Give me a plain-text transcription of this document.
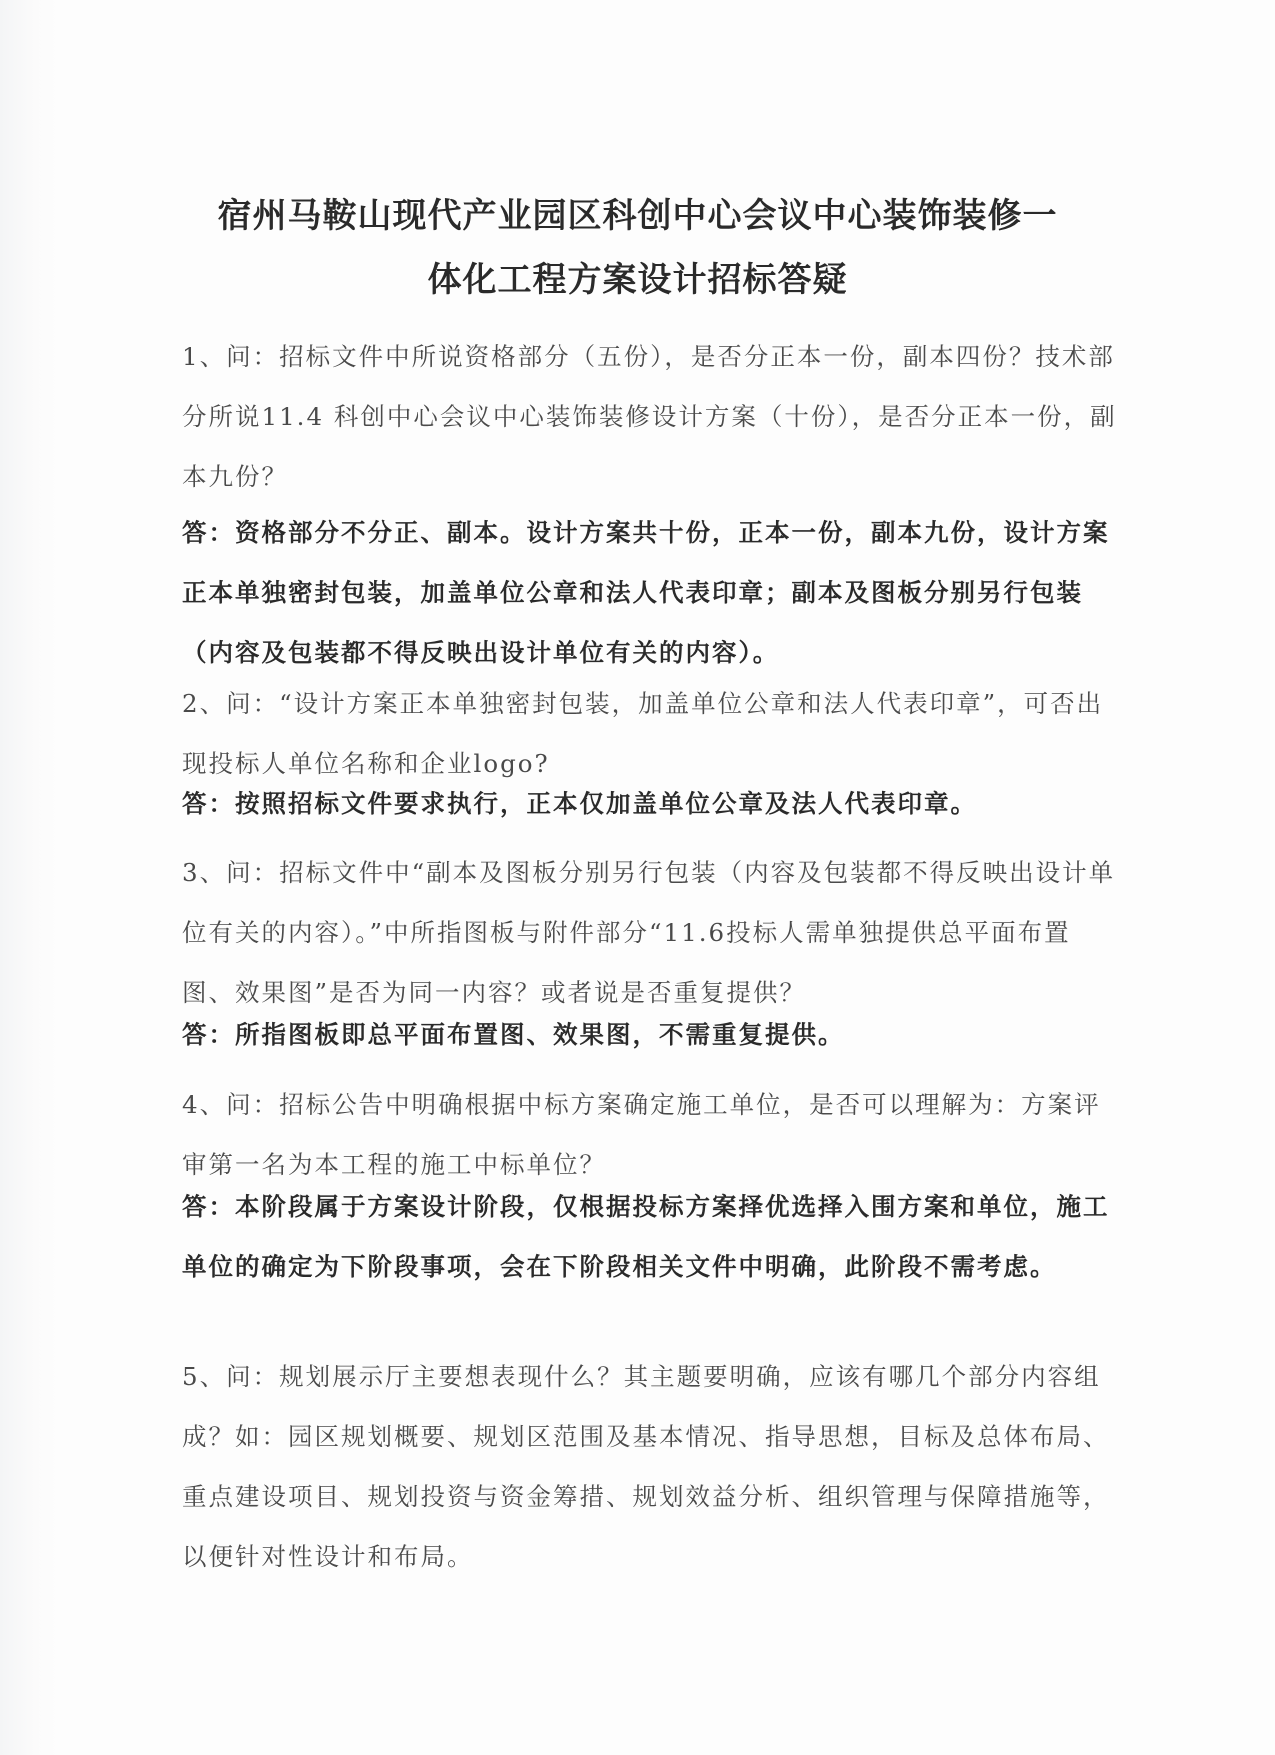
宿州马鞍山现代产业园区科创中心会议中心装饰装修一
体化工程方案设计招标答疑

1、问：招标文件中所说资格部分（五份），是否分正本一份，副本四份？技术部分所说11.4 科创中心会议中心装饰装修设计方案（十份），是否分正本一份，副本九份？

答：资格部分不分正、副本。设计方案共十份，正本一份，副本九份，设计方案正本单独密封包装，加盖单位公章和法人代表印章；副本及图板分别另行包装（内容及包装都不得反映出设计单位有关的内容）。

2、问：“设计方案正本单独密封包装，加盖单位公章和法人代表印章”，可否出现投标人单位名称和企业logo?

答：按照招标文件要求执行，正本仅加盖单位公章及法人代表印章。

3、问：招标文件中“副本及图板分别另行包装（内容及包装都不得反映出设计单位有关的内容）。”中所指图板与附件部分“11.6投标人需单独提供总平面布置图、效果图”是否为同一内容？或者说是否重复提供？

答：所指图板即总平面布置图、效果图，不需重复提供。

4、问：招标公告中明确根据中标方案确定施工单位，是否可以理解为：方案评审第一名为本工程的施工中标单位？

答：本阶段属于方案设计阶段，仅根据投标方案择优选择入围方案和单位，施工单位的确定为下阶段事项，会在下阶段相关文件中明确，此阶段不需考虑。

5、问：规划展示厅主要想表现什么？其主题要明确，应该有哪几个部分内容组成？如：园区规划概要、规划区范围及基本情况、指导思想，目标及总体布局、重点建设项目、规划投资与资金筹措、规划效益分析、组织管理与保障措施等，以便针对性设计和布局。
